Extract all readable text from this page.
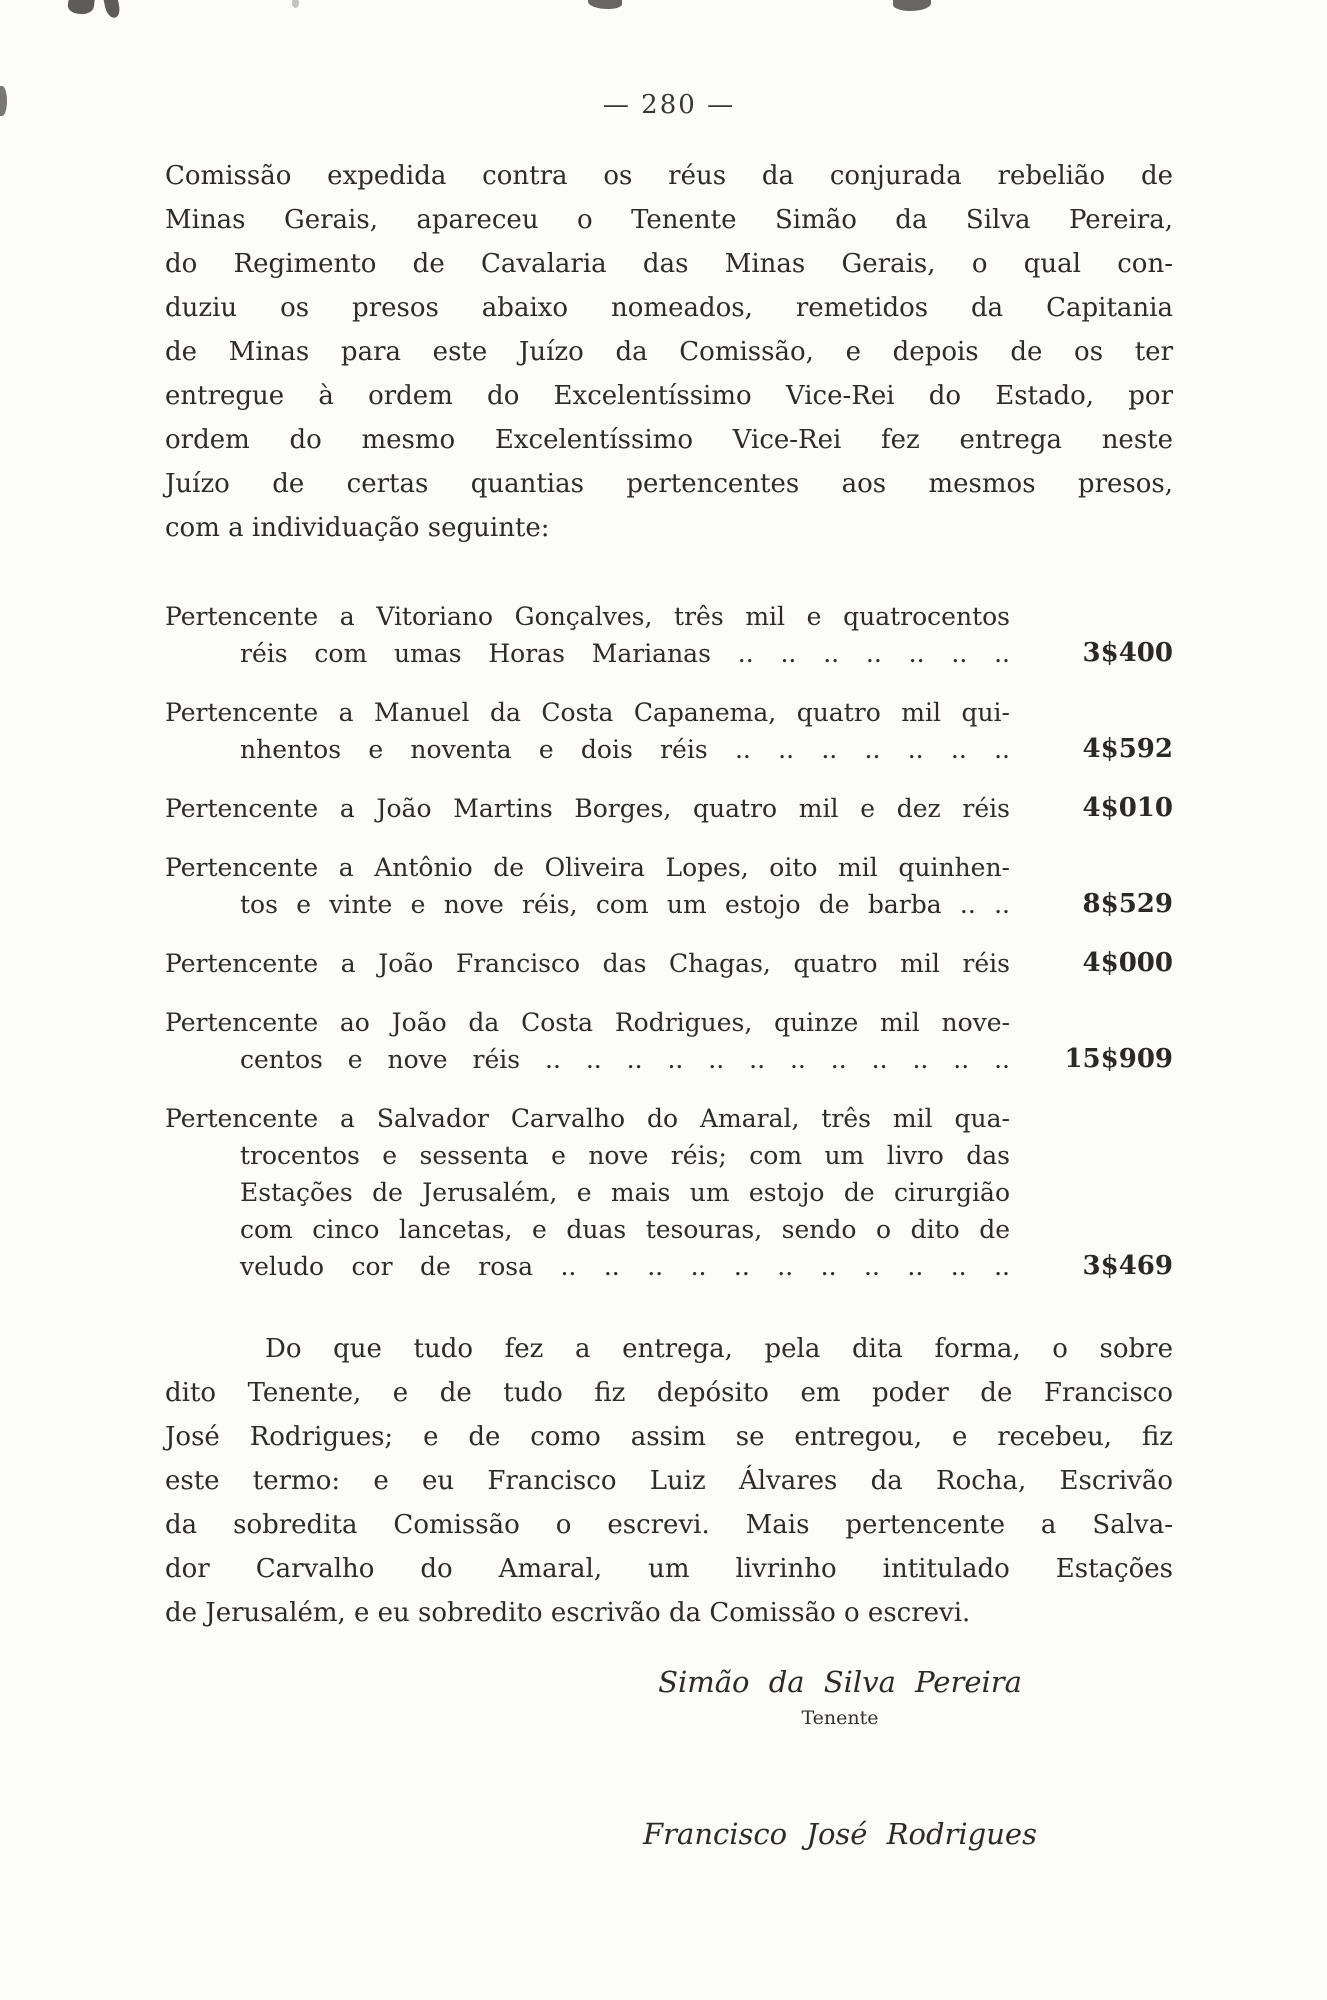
— 280 —
Comissão expedida contra os réus da conjurada rebelião de
Minas Gerais, apareceu o Tenente Simão da Silva Pereira,
do Regimento de Cavalaria das Minas Gerais, o qual con-
duziu os presos abaixo nomeados, remetidos da Capitania
de Minas para este Juízo da Comissão, e depois de os ter
entregue à ordem do Excelentíssimo Vice-Rei do Estado, por
ordem do mesmo Excelentíssimo Vice-Rei fez entrega neste
Juízo de certas quantias pertencentes aos mesmos presos,
com a individuação seguinte:
Pertencente a Vitoriano Gonçalves, três mil e quatrocentos
réis com umas Horas Marianas .. .. .. .. .. .. ..	3$400
Pertencente a Manuel da Costa Capanema, quatro mil qui-
nhentos e noventa e dois réis .. .. .. .. .. .. ..	4$592
Pertencente a João Martins Borges, quatro mil e dez réis	4$010
Pertencente a Antônio de Oliveira Lopes, oito mil quinhen-
tos e vinte e nove réis, com um estojo de barba .. ..	8$529
Pertencente a João Francisco das Chagas, quatro mil réis	4$000
Pertencente ao João da Costa Rodrigues, quinze mil nove-
centos e nove réis .. .. .. .. .. .. .. .. .. .. .. ..	15$909
Pertencente a Salvador Carvalho do Amaral, três mil qua-
trocentos e sessenta e nove réis; com um livro das
Estações de Jerusalém, e mais um estojo de cirurgião
com cinco lancetas, e duas tesouras, sendo o dito de
veludo cor de rosa .. .. .. .. .. .. .. .. .. .. ..	3$469
Do que tudo fez a entrega, pela dita forma, o sobre
dito Tenente, e de tudo fiz depósito em poder de Francisco
José Rodrigues; e de como assim se entregou, e recebeu, fiz
este termo: e eu Francisco Luiz Álvares da Rocha, Escrivão
da sobredita Comissão o escrevi. Mais pertencente a Salva-
dor Carvalho do Amaral, um livrinho intitulado Estações
de Jerusalém, e eu sobredito escrivão da Comissão o escrevi.
Simão da Silva Pereira
Tenente
Francisco José Rodrigues
